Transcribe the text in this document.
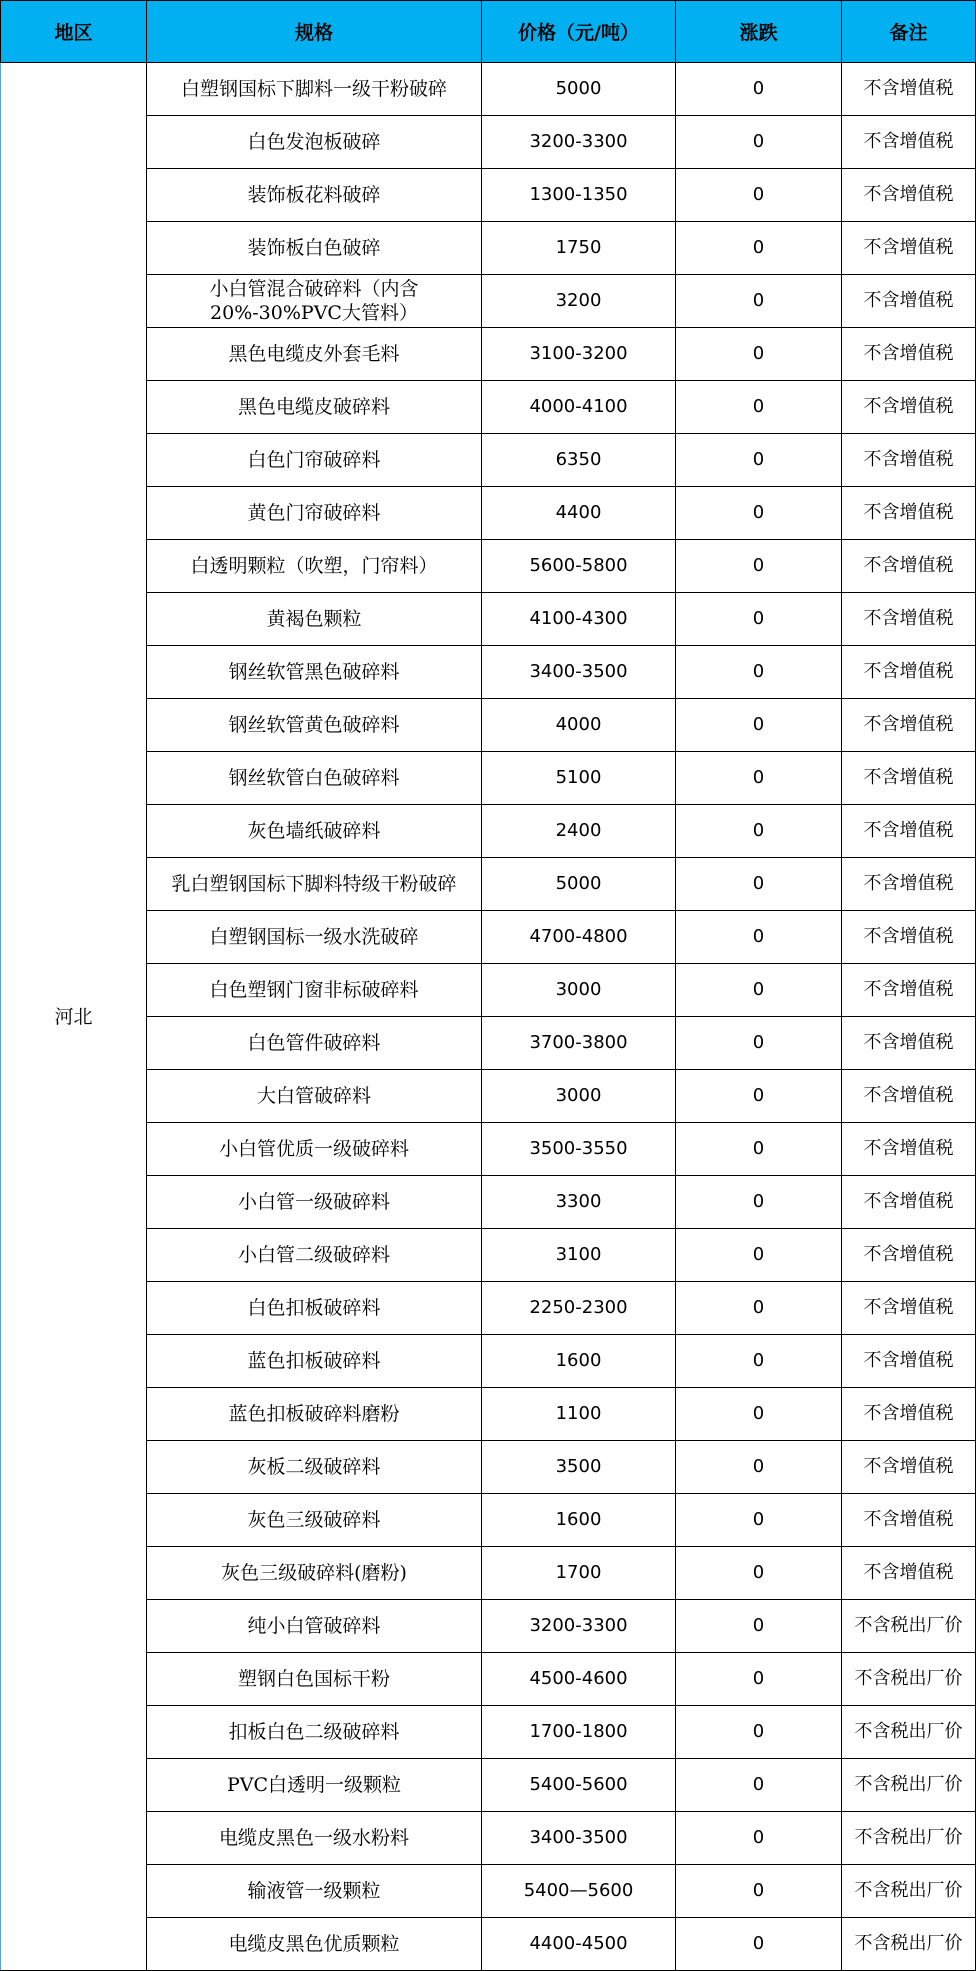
地区	规格	价格（元/吨）	涨跌	备注
河北	白塑钢国标下脚料一级干粉破碎	5000	0	不含增值税
	白色发泡板破碎	3200-3300	0	不含增值税
	装饰板花料破碎	1300-1350	0	不含增值税
	装饰板白色破碎	1750	0	不含增值税
	小白管混合破碎料（内含20%-30%PVC大管料）	3200	0	不含增值税
	黑色电缆皮外套毛料	3100-3200	0	不含增值税
	黑色电缆皮破碎料	4000-4100	0	不含增值税
	白色门帘破碎料	6350	0	不含增值税
	黄色门帘破碎料	4400	0	不含增值税
	白透明颗粒（吹塑，门帘料）	5600-5800	0	不含增值税
	黄褐色颗粒	4100-4300	0	不含增值税
	钢丝软管黑色破碎料	3400-3500	0	不含增值税
	钢丝软管黄色破碎料	4000	0	不含增值税
	钢丝软管白色破碎料	5100	0	不含增值税
	灰色墙纸破碎料	2400	0	不含增值税
	乳白塑钢国标下脚料特级干粉破碎	5000	0	不含增值税
	白塑钢国标一级水洗破碎	4700-4800	0	不含增值税
	白色塑钢门窗非标破碎料	3000	0	不含增值税
	白色管件破碎料	3700-3800	0	不含增值税
	大白管破碎料	3000	0	不含增值税
	小白管优质一级破碎料	3500-3550	0	不含增值税
	小白管一级破碎料	3300	0	不含增值税
	小白管二级破碎料	3100	0	不含增值税
	白色扣板破碎料	2250-2300	0	不含增值税
	蓝色扣板破碎料	1600	0	不含增值税
	蓝色扣板破碎料磨粉	1100	0	不含增值税
	灰板二级破碎料	3500	0	不含增值税
	灰色三级破碎料	1600	0	不含增值税
	灰色三级破碎料(磨粉)	1700	0	不含增值税
	纯小白管破碎料	3200-3300	0	不含税出厂价
	塑钢白色国标干粉	4500-4600	0	不含税出厂价
	扣板白色二级破碎料	1700-1800	0	不含税出厂价
	PVC白透明一级颗粒	5400-5600	0	不含税出厂价
	电缆皮黑色一级水粉料	3400-3500	0	不含税出厂价
	输液管一级颗粒	5400—5600	0	不含税出厂价
	电缆皮黑色优质颗粒	4400-4500	0	不含税出厂价
